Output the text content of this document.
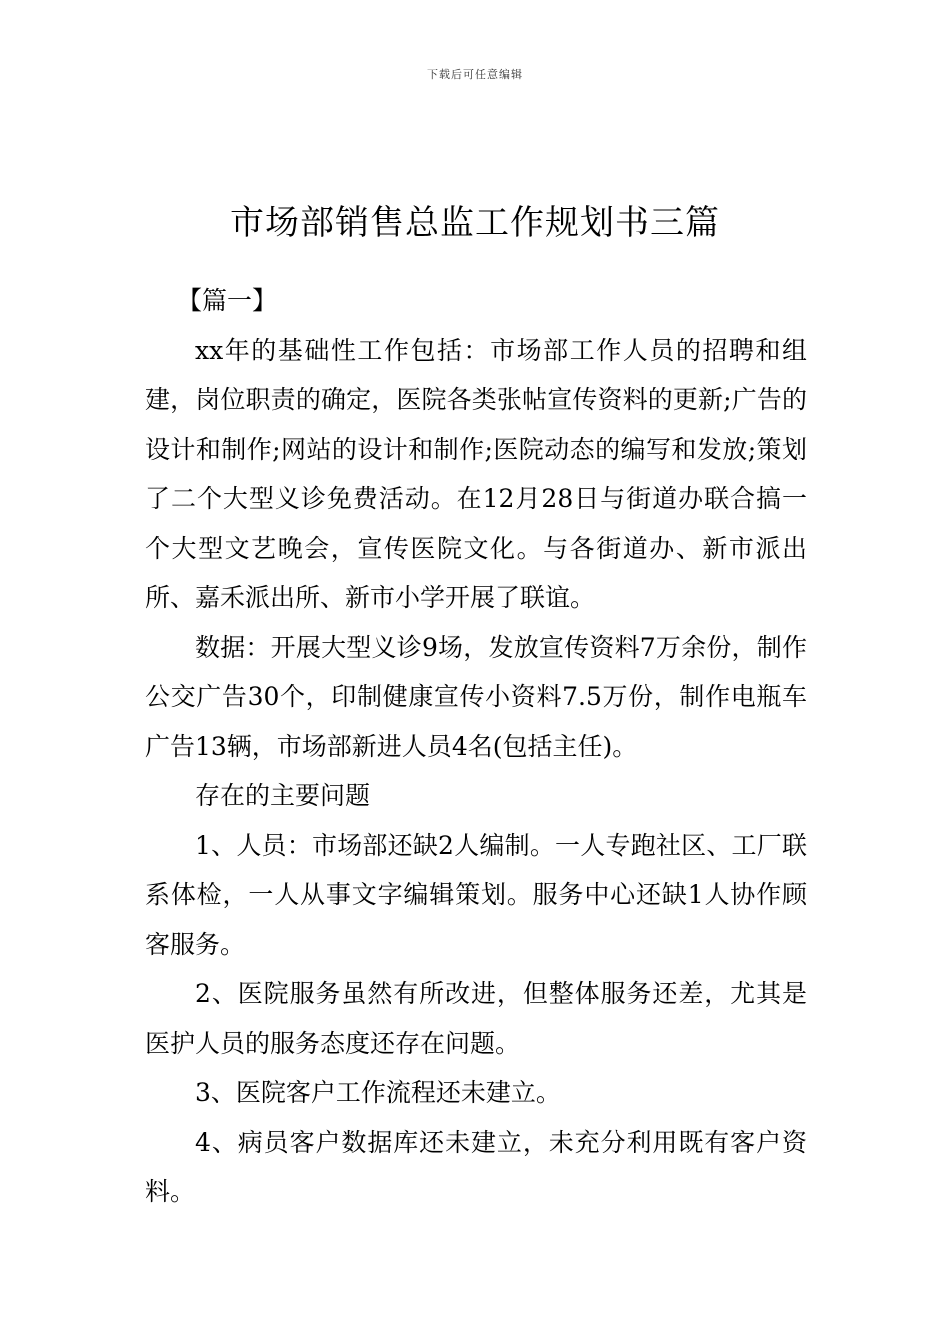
下载后可任意编辑
市场部销售总监工作规划书三篇
【篇一】

xx年的基础性工作包括：市场部工作人员的招聘和组建，岗位职责的确定，医院各类张帖宣传资料的更新;广告的设计和制作;网站的设计和制作;医院动态的编写和发放;策划了二个大型义诊免费活动。在12月28日与街道办联合搞一个大型文艺晚会，宣传医院文化。与各街道办、新市派出所、嘉禾派出所、新市小学开展了联谊。

数据：开展大型义诊9场，发放宣传资料7万余份，制作公交广告30个，印制健康宣传小资料7.5万份，制作电瓶车广告13辆，市场部新进人员4名(包括主任)。

存在的主要问题

1、人员：市场部还缺2人编制。一人专跑社区、工厂联系体检，一人从事文字编辑策划。服务中心还缺1人协作顾客服务。

2、医院服务虽然有所改进，但整体服务还差，尤其是医护人员的服务态度还存在问题。

3、医院客户工作流程还未建立。

4、病员客户数据库还未建立，未充分利用既有客户资料。
